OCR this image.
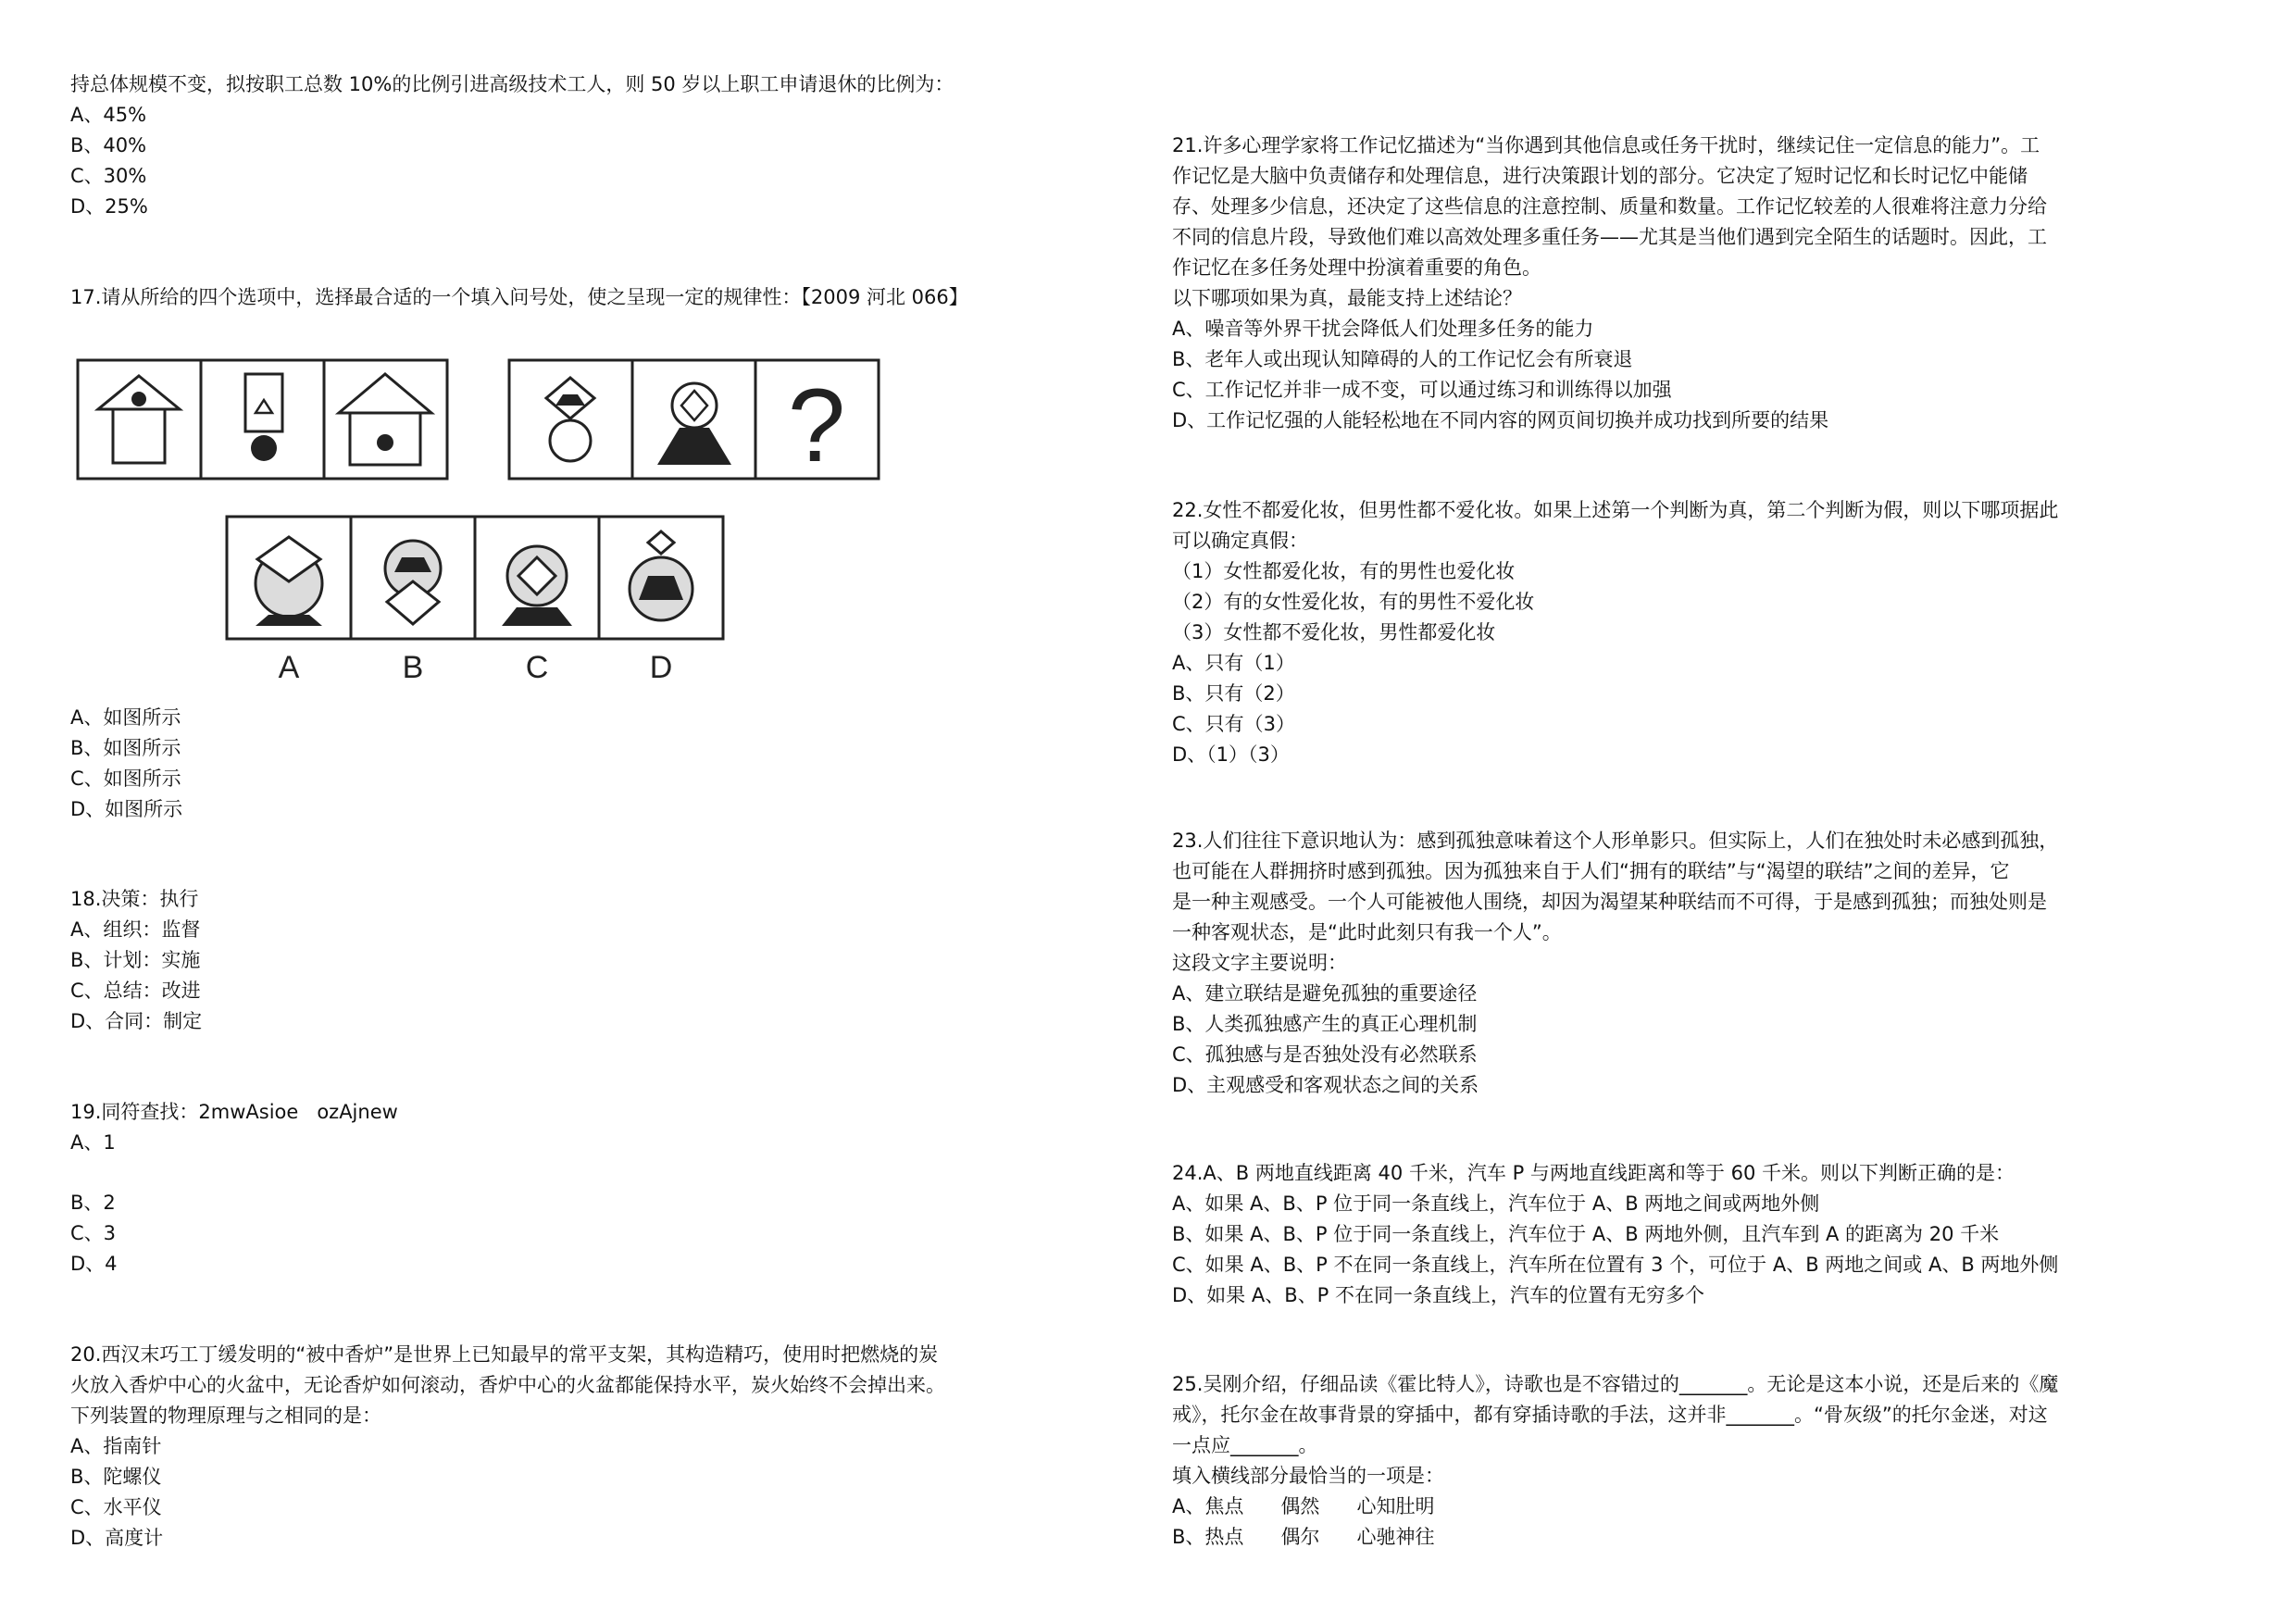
持总体规模不变，拟按职工总数 10%的比例引进高级技术工人，则 50 岁以上职工申请退休的比例为：
A、45%
B、40%
C、30%
D、25%
17.请从所给的四个选项中，选择最合适的一个填入问号处，使之呈现一定的规律性：【2009 河北 066】
?
A	B	C	D
A、如图所示
B、如图所示
C、如图所示
D、如图所示
18.决策：执行
A、组织：监督
B、计划：实施
C、总结：改进
D、合同：制定
19.同符查找：2mwAsioe   ozAjnew
A、1
B、2
C、3
D、4
20.西汉末巧工丁缓发明的“被中香炉”是世界上已知最早的常平支架，其构造精巧，使用时把燃烧的炭
火放入香炉中心的火盆中，无论香炉如何滚动，香炉中心的火盆都能保持水平，炭火始终不会掉出来。
下列装置的物理原理与之相同的是：
A、指南针
B、陀螺仪
C、水平仪
D、高度计
21.许多心理学家将工作记忆描述为“当你遇到其他信息或任务干扰时，继续记住一定信息的能力”。工
作记忆是大脑中负责储存和处理信息，进行决策跟计划的部分。它决定了短时记忆和长时记忆中能储
存、处理多少信息，还决定了这些信息的注意控制、质量和数量。工作记忆较差的人很难将注意力分给
不同的信息片段，导致他们难以高效处理多重任务——尤其是当他们遇到完全陌生的话题时。因此，工
作记忆在多任务处理中扮演着重要的角色。
以下哪项如果为真，最能支持上述结论？
A、噪音等外界干扰会降低人们处理多任务的能力
B、老年人或出现认知障碍的人的工作记忆会有所衰退
C、工作记忆并非一成不变，可以通过练习和训练得以加强
D、工作记忆强的人能轻松地在不同内容的网页间切换并成功找到所要的结果
22.女性不都爱化妆，但男性都不爱化妆。如果上述第一个判断为真，第二个判断为假，则以下哪项据此
可以确定真假：
（1）女性都爱化妆，有的男性也爱化妆
（2）有的女性爱化妆，有的男性不爱化妆
（3）女性都不爱化妆，男性都爱化妆
A、只有（1）
B、只有（2）
C、只有（3）
D、（1）（3）
23.人们往往下意识地认为：感到孤独意味着这个人形单影只。但实际上，人们在独处时未必感到孤独，
也可能在人群拥挤时感到孤独。因为孤独来自于人们“拥有的联结”与“渴望的联结”之间的差异，它
是一种主观感受。一个人可能被他人围绕，却因为渴望某种联结而不可得，于是感到孤独；而独处则是
一种客观状态，是“此时此刻只有我一个人”。
这段文字主要说明：
A、建立联结是避免孤独的重要途径
B、人类孤独感产生的真正心理机制
C、孤独感与是否独处没有必然联系
D、主观感受和客观状态之间的关系
24.A、B 两地直线距离 40 千米，汽车 P 与两地直线距离和等于 60 千米。则以下判断正确的是：
A、如果 A、B、P 位于同一条直线上，汽车位于 A、B 两地之间或两地外侧
B、如果 A、B、P 位于同一条直线上，汽车位于 A、B 两地外侧，且汽车到 A 的距离为 20 千米
C、如果 A、B、P 不在同一条直线上，汽车所在位置有 3 个，可位于 A、B 两地之间或 A、B 两地外侧
D、如果 A、B、P 不在同一条直线上，汽车的位置有无穷多个
25.吴刚介绍，仔细品读《霍比特人》，诗歌也是不容错过的_______。无论是这本小说，还是后来的《魔
戒》，托尔金在故事背景的穿插中，都有穿插诗歌的手法，这并非_______。“骨灰级”的托尔金迷，对这
一点应_______。
填入横线部分最恰当的一项是：
A、焦点      偶然      心知肚明
B、热点      偶尔      心驰神往
